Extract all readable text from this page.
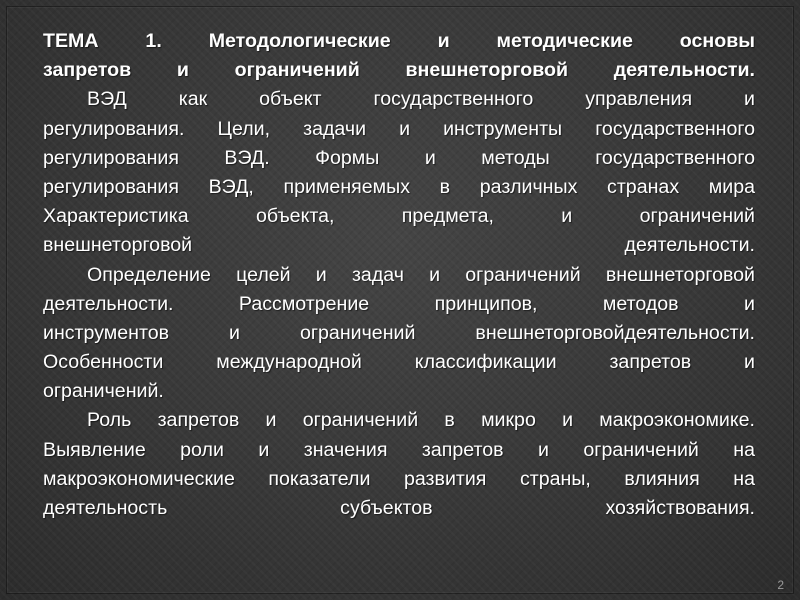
ТЕМА 1. Методологические и методические основы
запретов и ограничений внешнеторговой деятельности.
ВЭД как объект государственного управления и
регулирования. Цели, задачи и инструменты государственного
регулирования ВЭД. Формы и методы государственного
регулирования ВЭД, применяемых в различных странах мира
Характеристика объекта, предмета, и ограничений
внешнеторговой деятельности.
Определение целей и задач и ограничений внешнеторговой
деятельности. Рассмотрение принципов, методов и
инструментов и ограничений внешнеторговойдеятельности.
Особенности международной классификации запретов и
ограничений.
Роль запретов и ограничений в микро и макроэкономике.
Выявление роли и значения запретов и ограничений на
макроэкономические показатели развития страны, влияния на
деятельность субъектов хозяйствования.
2
